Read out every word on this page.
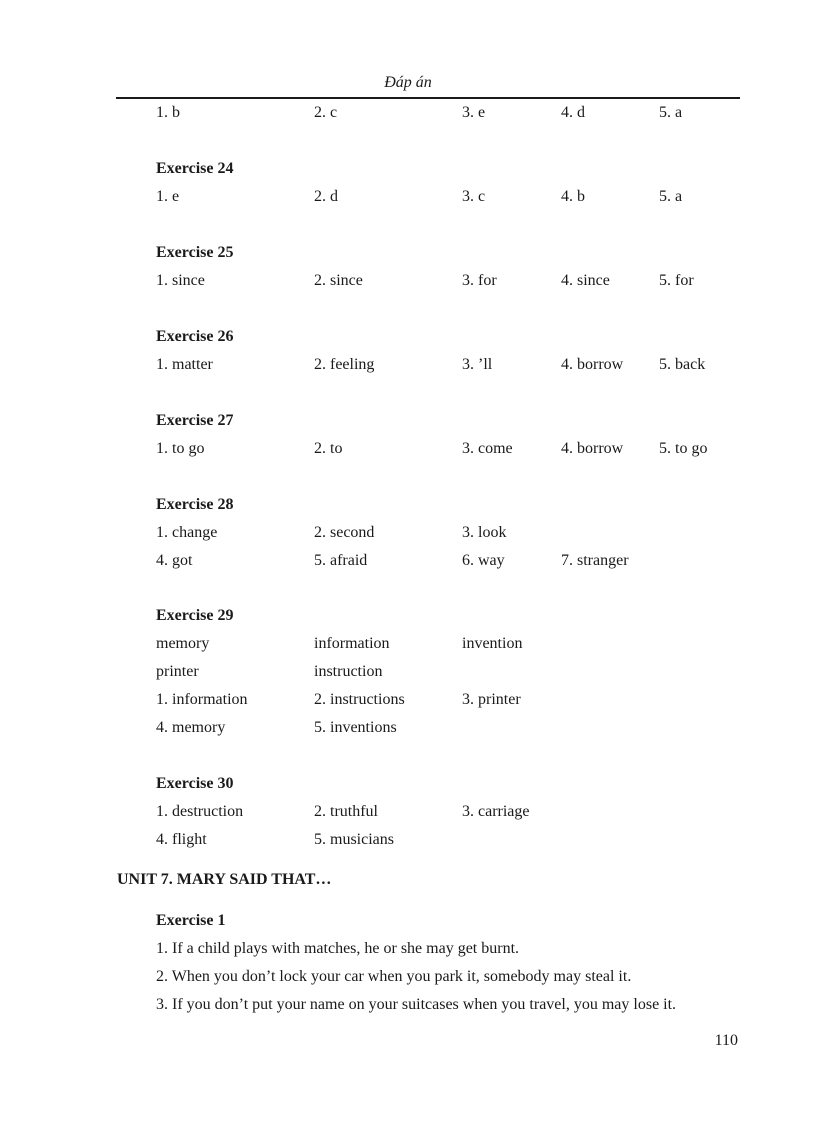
Đáp án
1. b	2. c	3. e	4. d	5. a
Exercise 24
1. e	2. d	3. c	4. b	5. a
Exercise 25
1. since	2. since	3. for	4. since	5. for
Exercise 26
1. matter	2. feeling	3. ’ll	4. borrow 5. back
Exercise 27
1. to go	2. to	3. come	4. borrow 5. to go
Exercise 28
1. change	2. second	3. look
4. got	5. afraid	6. way	7. stranger
Exercise 29
memory	information	invention
printer	instruction
1. information	2. instructions	3. printer
4. memory	5. inventions
Exercise 30
1. destruction	2. truthful	3. carriage
4. flight	5. musicians
UNIT 7. MARY SAID THAT…
Exercise 1
1. If a child plays with matches, he or she may get burnt.
2. When you don’t lock your car when you park it, somebody may steal it.
3. If you don’t put your name on your suitcases when you travel, you may lose it.
110
